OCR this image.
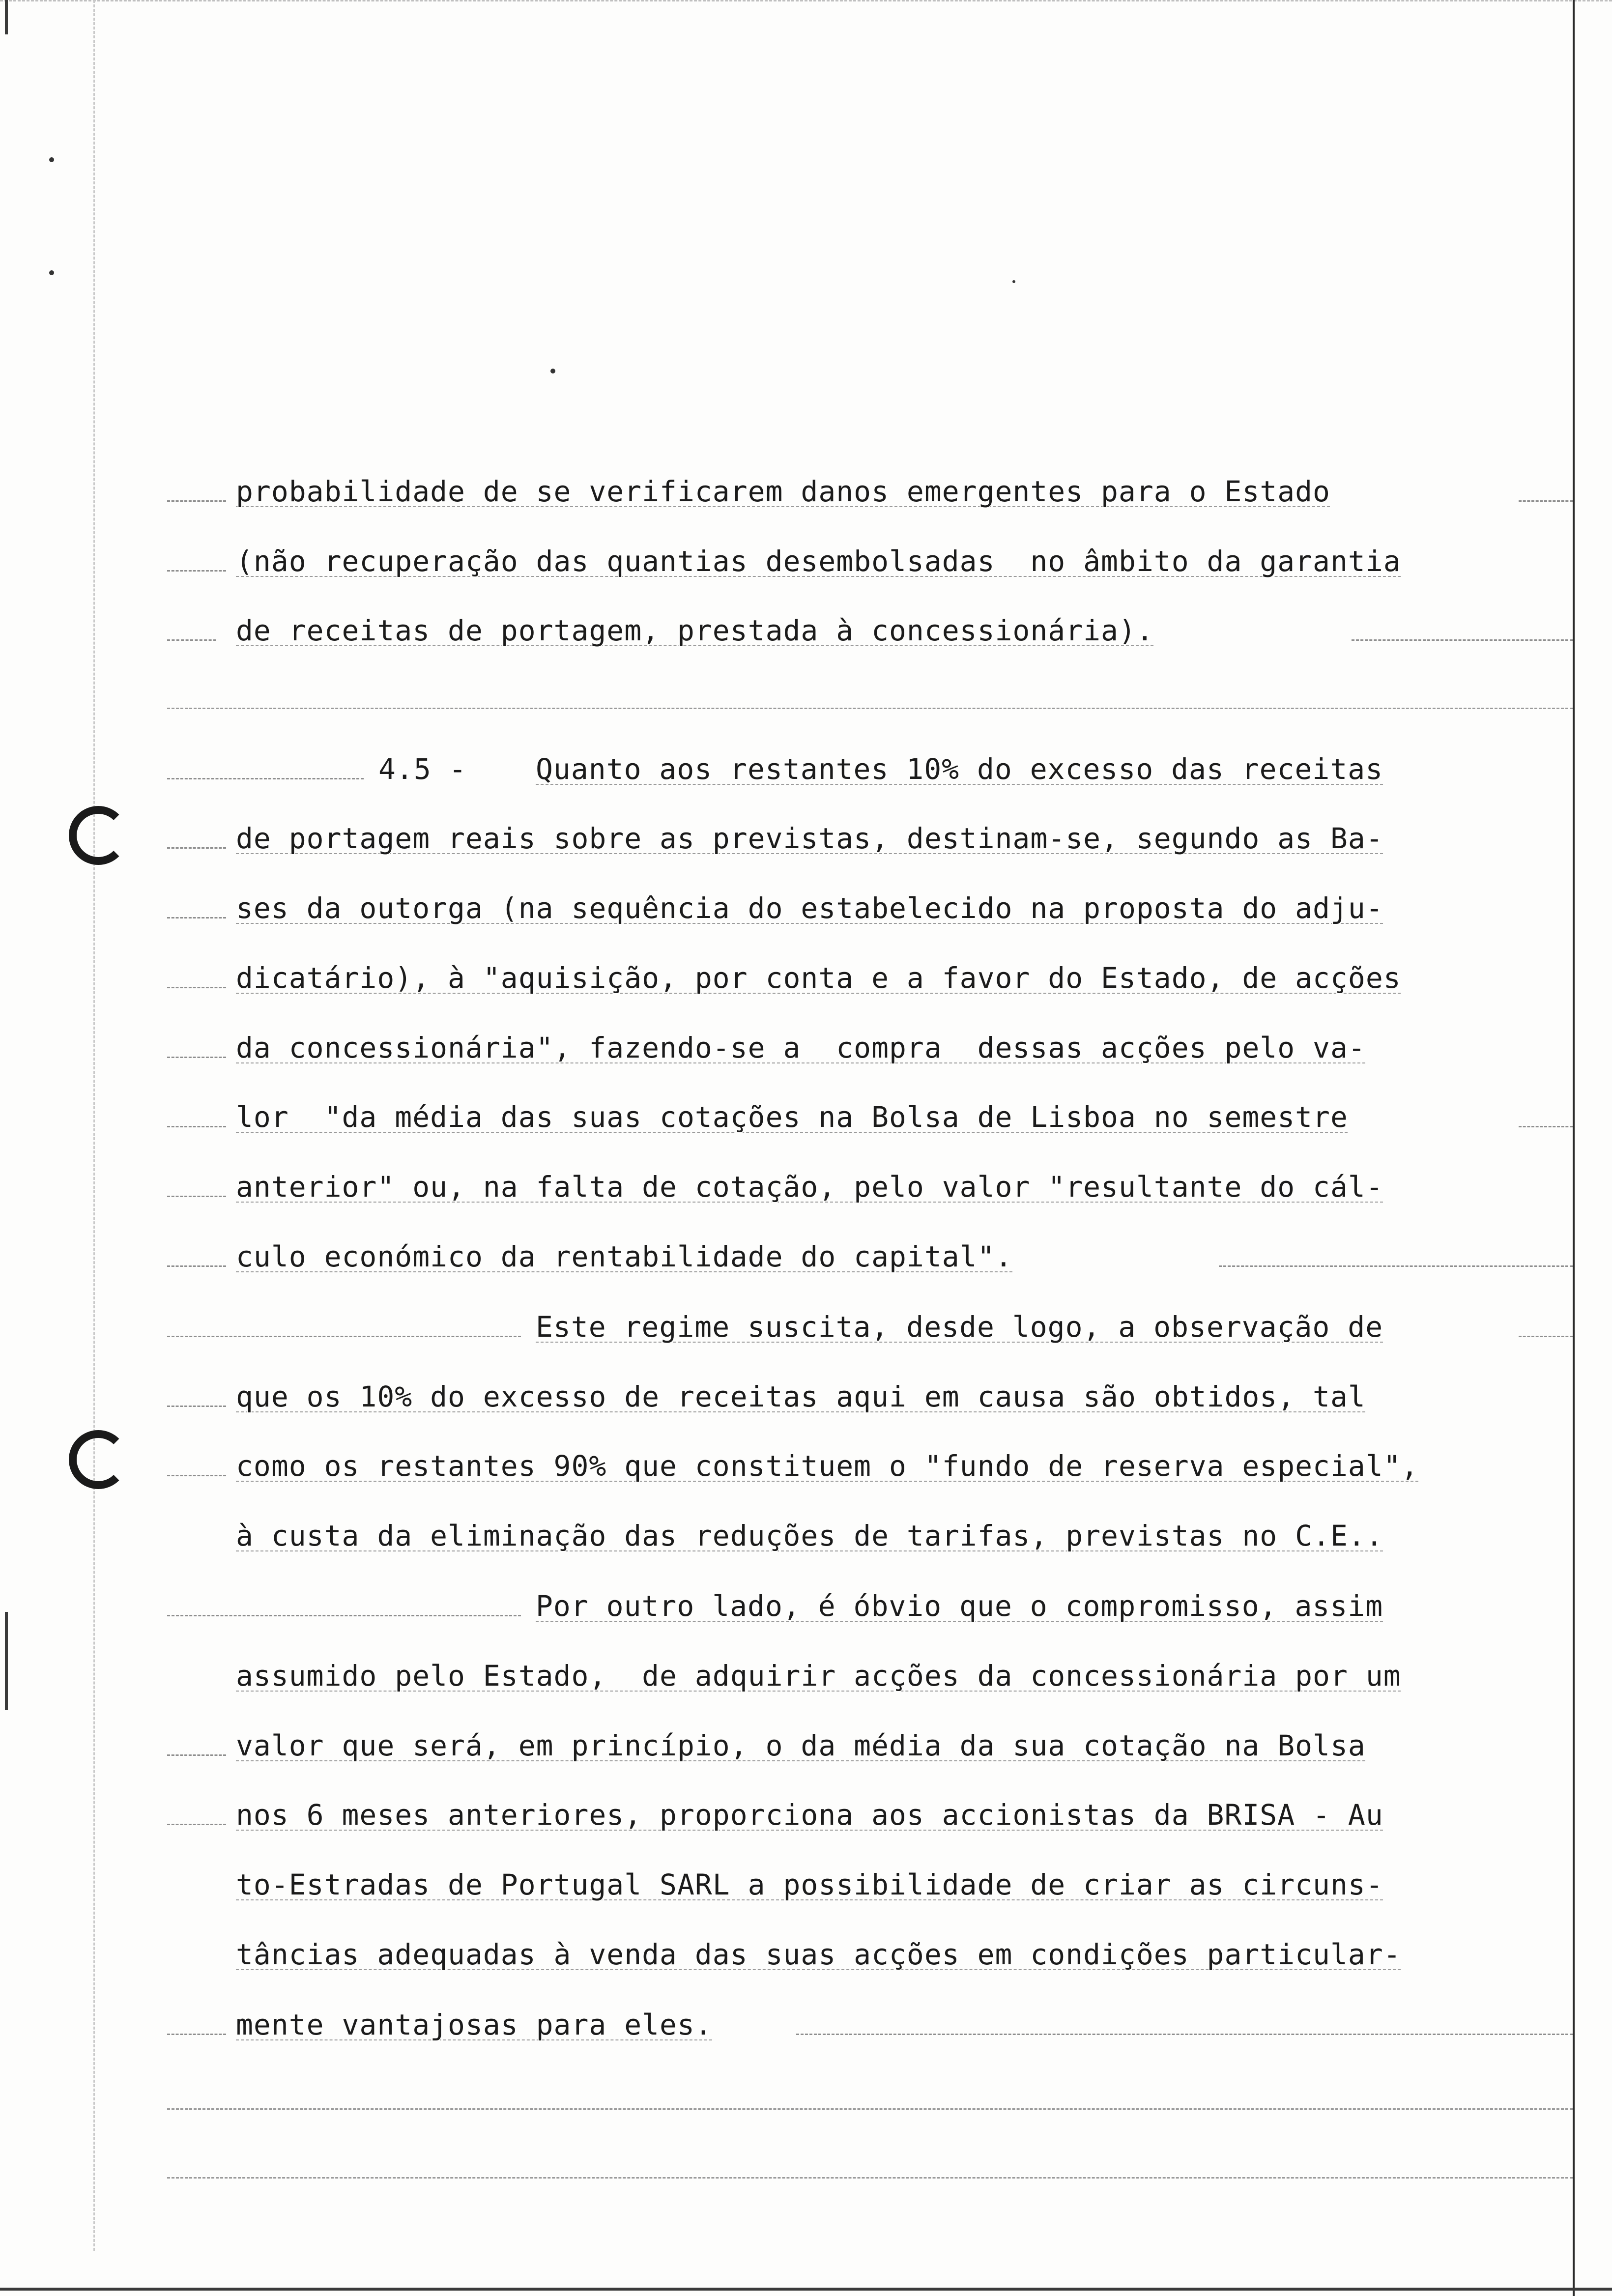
probabilidade de se verificarem danos emergentes para o Estado

(não recuperação das quantias desembolsadas  no âmbito da garantia

de receitas de portagem, prestada à concessionária).

4.5 -

Quanto aos restantes 10% do excesso das receitas

de portagem reais sobre as previstas, destinam-se, segundo as Ba-

ses da outorga (na sequência do estabelecido na proposta do adju-

dicatário), à "aquisição, por conta e a favor do Estado, de acções

da concessionária", fazendo-se a  compra  dessas acções pelo va-

lor  "da média das suas cotações na Bolsa de Lisboa no semestre

anterior" ou, na falta de cotação, pelo valor "resultante do cál-

culo económico da rentabilidade do capital".

Este regime suscita, desde logo, a observação de

que os 10% do excesso de receitas aqui em causa são obtidos, tal

como os restantes 90% que constituem o "fundo de reserva especial",

à custa da eliminação das reduções de tarifas, previstas no C.E..

Por outro lado, é óbvio que o compromisso, assim

assumido pelo Estado,  de adquirir acções da concessionária por um

valor que será, em princípio, o da média da sua cotação na Bolsa

nos 6 meses anteriores, proporciona aos accionistas da BRISA - Au

to-Estradas de Portugal SARL a possibilidade de criar as circuns-

tâncias adequadas à venda das suas acções em condições particular-

mente vantajosas para eles.
